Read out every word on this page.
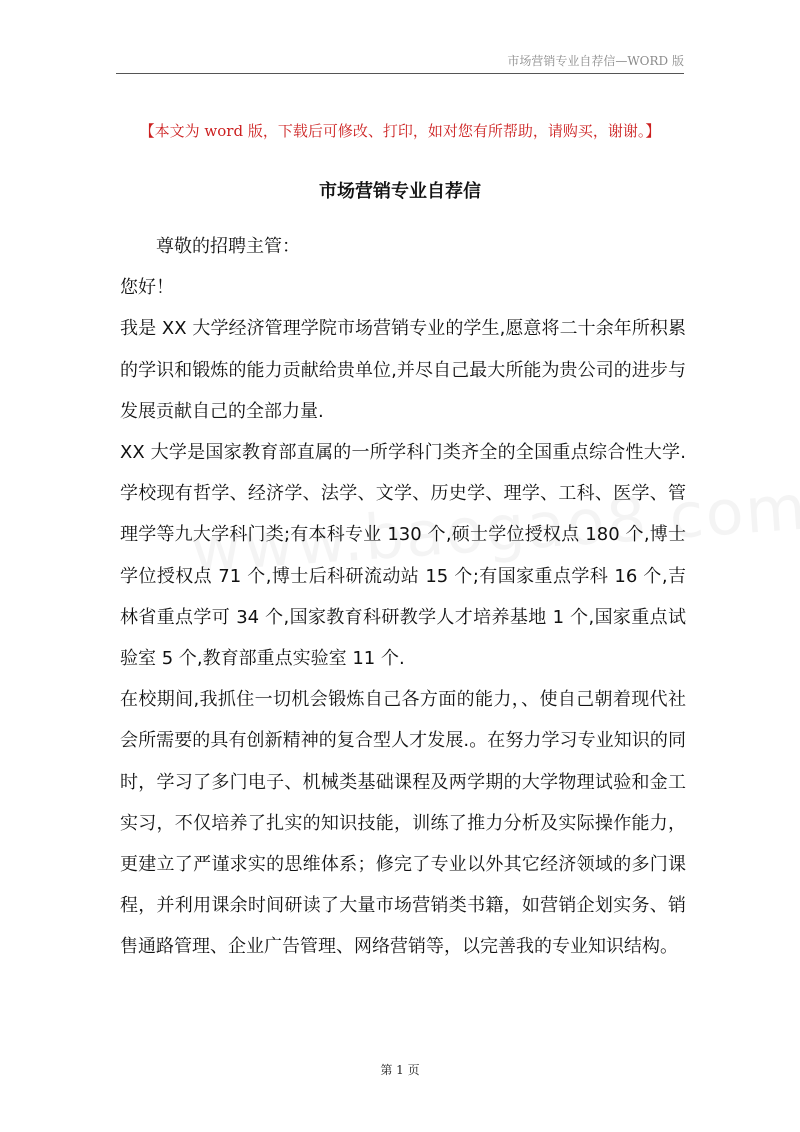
市场营销专业自荐信—WORD 版
【本文为 word 版，下载后可修改、打印，如对您有所帮助，请购买，谢谢。】
市场营销专业自荐信

尊敬的招聘主管：

您好！

我是 XX 大学经济管理学院市场营销专业的学生,愿意将二十余年所积累的学识和锻炼的能力贡献给贵单位,并尽自己最大所能为贵公司的进步与发展贡献自己的全部力量.

XX 大学是国家教育部直属的一所学科门类齐全的全国重点综合性大学.学校现有哲学、经济学、法学、文学、历史学、理学、工科、医学、管理学等九大学科门类;有本科专业 130 个,硕士学位授权点 180 个,博士学位授权点 71 个,博士后科研流动站 15 个;有国家重点学科 16 个,吉林省重点学可 34 个,国家教育科研教学人才培养基地 1 个,国家重点试验室 5 个,教育部重点实验室 11 个.

在校期间,我抓住一切机会锻炼自己各方面的能力，、使自己朝着现代社会所需要的具有创新精神的复合型人才发展.。在努力学习专业知识的同时，学习了多门电子、机械类基础课程及两学期的大学物理试验和金工实习，不仅培养了扎实的知识技能，训练了推力分析及实际操作能力，更建立了严谨求实的思维体系；修完了专业以外其它经济领域的多门课程，并利用课余时间研读了大量市场营销类书籍，如营销企划实务、销售通路管理、企业广告管理、网络营销等，以完善我的专业知识结构。

第 1 页
